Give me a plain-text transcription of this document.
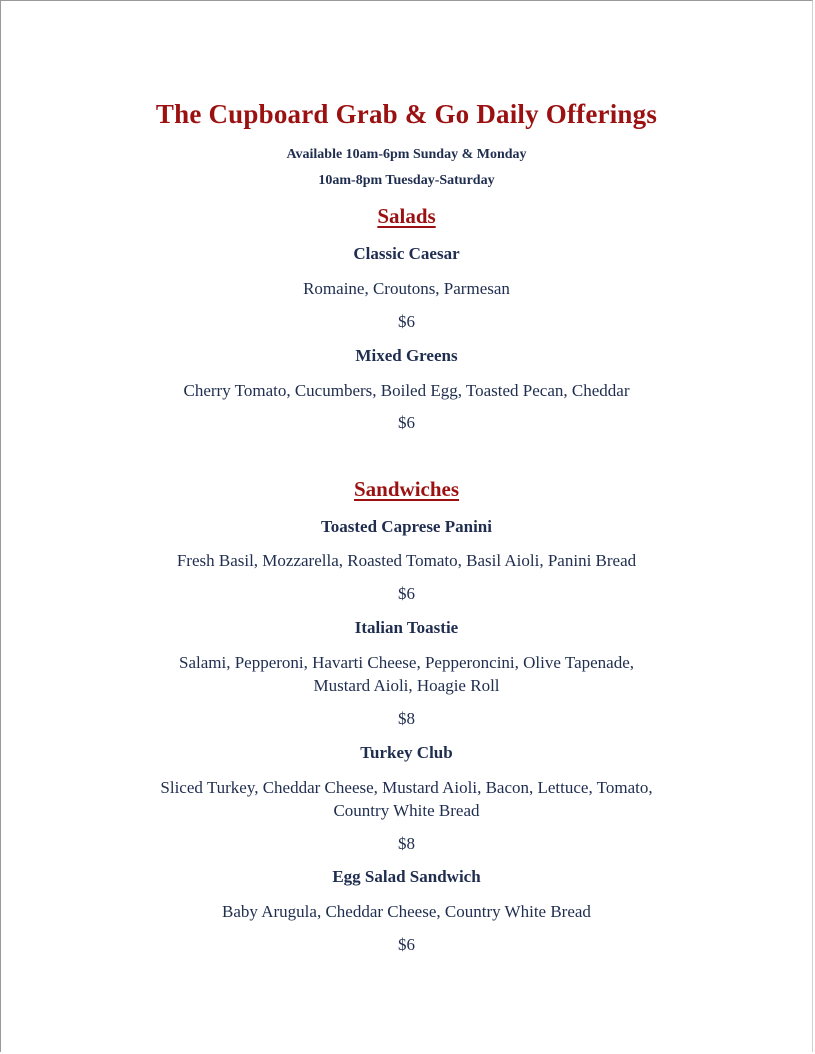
The Cupboard Grab & Go Daily Offerings
Available 10am-6pm Sunday & Monday
10am-8pm Tuesday-Saturday
Salads
Classic Caesar
Romaine, Croutons, Parmesan
$6
Mixed Greens
Cherry Tomato, Cucumbers, Boiled Egg, Toasted Pecan, Cheddar
$6
Sandwiches
Toasted Caprese Panini
Fresh Basil, Mozzarella, Roasted Tomato, Basil Aioli, Panini Bread
$6
Italian Toastie
Salami, Pepperoni, Havarti Cheese, Pepperoncini, Olive Tapenade,
Mustard Aioli, Hoagie Roll
$8
Turkey Club
Sliced Turkey, Cheddar Cheese, Mustard Aioli, Bacon, Lettuce, Tomato,
Country White Bread
$8
Egg Salad Sandwich
Baby Arugula, Cheddar Cheese, Country White Bread
$6
